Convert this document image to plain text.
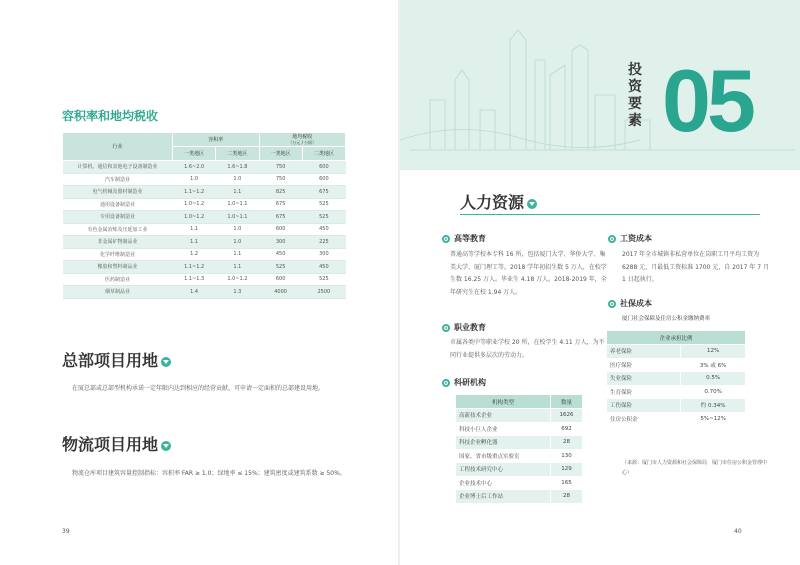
容积率和地均税收
行业	容积率		地均税收
（万元 / 公顷）	
	一类地区	二类地区	一类地区	二类地区
计算机、通信和其他电子设备制造业	1.6~2.0	1.6~1.8	750	600
汽车制造业	1.0	1.0	750	600
电气机械及器材制造业	1.1~1.2	1.1	825	675
通用设备制造业	1.0~1.2	1.0~1.1	675	525
专用设备制造业	1.0~1.2	1.0~1.1	675	525
有色金属冶炼及压延加工业	1.1	1.0	600	450
非金属矿物制品业	1.1	1.0	300	225
化学纤维制造业	1.2	1.1	450	300
橡胶和塑料制品业	1.1~1.2	1.1	525	450
医药制造业	1.1~1.3	1.0~1.2	600	525
烟草制品业	1.4	1.3	4000	2500
总部项目用地
在厦总部或总部型机构承诺一定年限内达到相应的经营贡献，可申请一定面积的总部建设用地。
物流项目用地
物流仓库项目建筑容量控制指标：容积率 FAR ≥ 1.0；绿地率 ≤ 15%；建筑密度或建筑系数 ≥ 50%。
39
投资要素 05
人力资源
高等教育
普通高等学校本专科 16 所，包括厦门大学、华侨大学、集美大学、厦门理工等。2018 学年初招生数 5 万人，在校学生数 16.25 万人。毕业生 4.18 万人。2018-2019 年，全年研究生在校 1.94 万人。
职业教育
市属各类中等职业学校 20 所，在校学生 4.11 万人，为不同行业提供多层次的劳动力。
科研机构
机构类型	数量
高新技术企业	1626
科技小巨人企业	692
科技企业孵化器	28
国家、省市级重点实验室	130
工程技术研究中心	129
企业技术中心	165
企业博士后工作站	28
工资成本
2017 年全市城镇非私营单位在岗职工月平均工资为 6288 元，月最低工资标准 1700 元，自 2017 年 7 月 1 日起执行。
社保成本
厦门社会保障及住房公积金缴纳费率
企业承担比例	
养老保险	12%
医疗保险	3% 或 6%
失业保险	0.5%
生育保险	0.70%
工伤保险	约 0.34%
住房公积金	5%~12%
（来源：厦门市人力资源和社会保障局　厦门市住房公积金管理中心）
40
